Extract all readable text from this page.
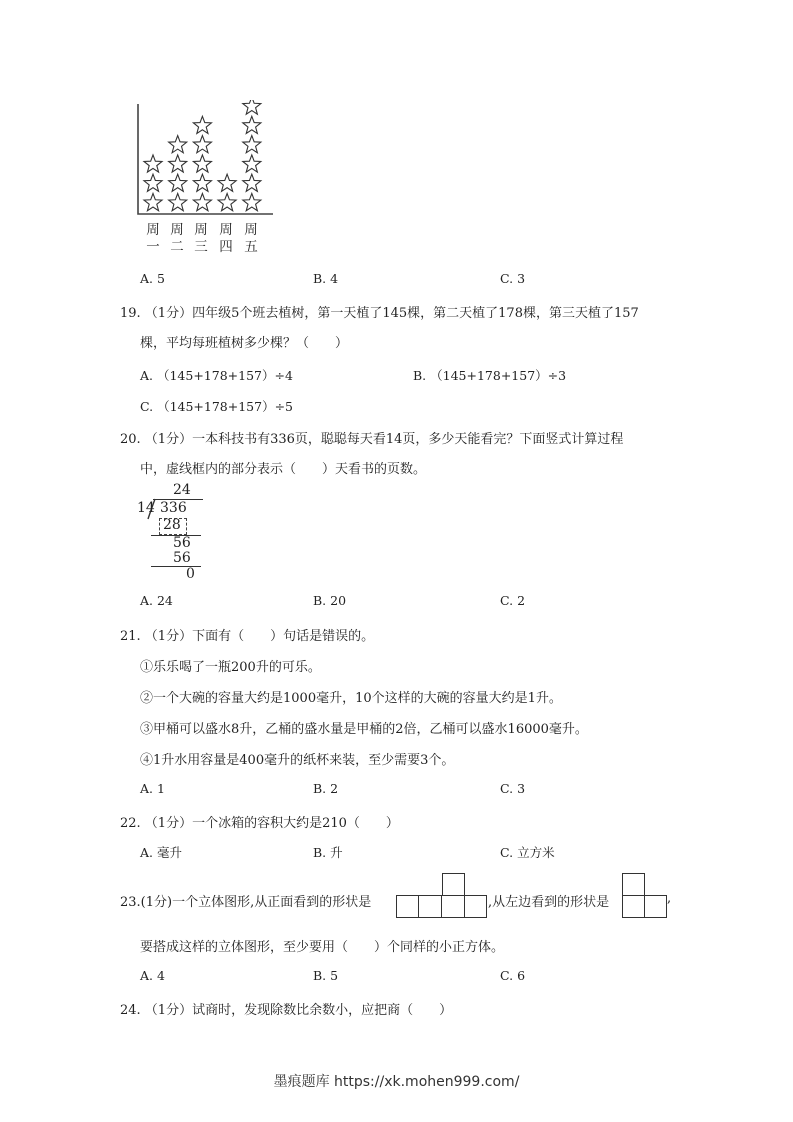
周
一
周
二
周
三
周
四
周
五
A. 5	B. 4	C. 3
19. （1分）四年级5个班去植树，第一天植了145棵，第二天植了178棵，第三天植了157
棵，平均每班植树多少棵？（　　）
A. （145+178+157）÷4	B. （145+178+157）÷3
C. （145+178+157）÷5
20. （1分）一本科技书有336页，聪聪每天看14页，多少天能看完？下面竖式计算过程
中，虚线框内的部分表示（　　）天看书的页数。
24
14 336
28
56
56
0
A. 24	B. 20	C. 2
21. （1分）下面有（　　）句话是错误的。
①乐乐喝了一瓶200升的可乐。
②一个大碗的容量大约是1000毫升，10个这样的大碗的容量大约是1升。
③甲桶可以盛水8升，乙桶的盛水量是甲桶的2倍，乙桶可以盛水16000毫升。
④1升水用容量是400毫升的纸杯来装，至少需要3个。
A. 1	B. 2	C. 3
22. （1分）一个冰箱的容积大约是210（　　）
A. 毫升	B. 升	C. 立方米
23.(1分)一个立体图形,从正面看到的形状是	,从左边看到的形状是	,
要搭成这样的立体图形，至少要用（　　）个同样的小正方体。
A. 4	B. 5	C. 6
24. （1分）试商时，发现除数比余数小，应把商（　　）
墨痕题库 https://xk.mohen999.com/
